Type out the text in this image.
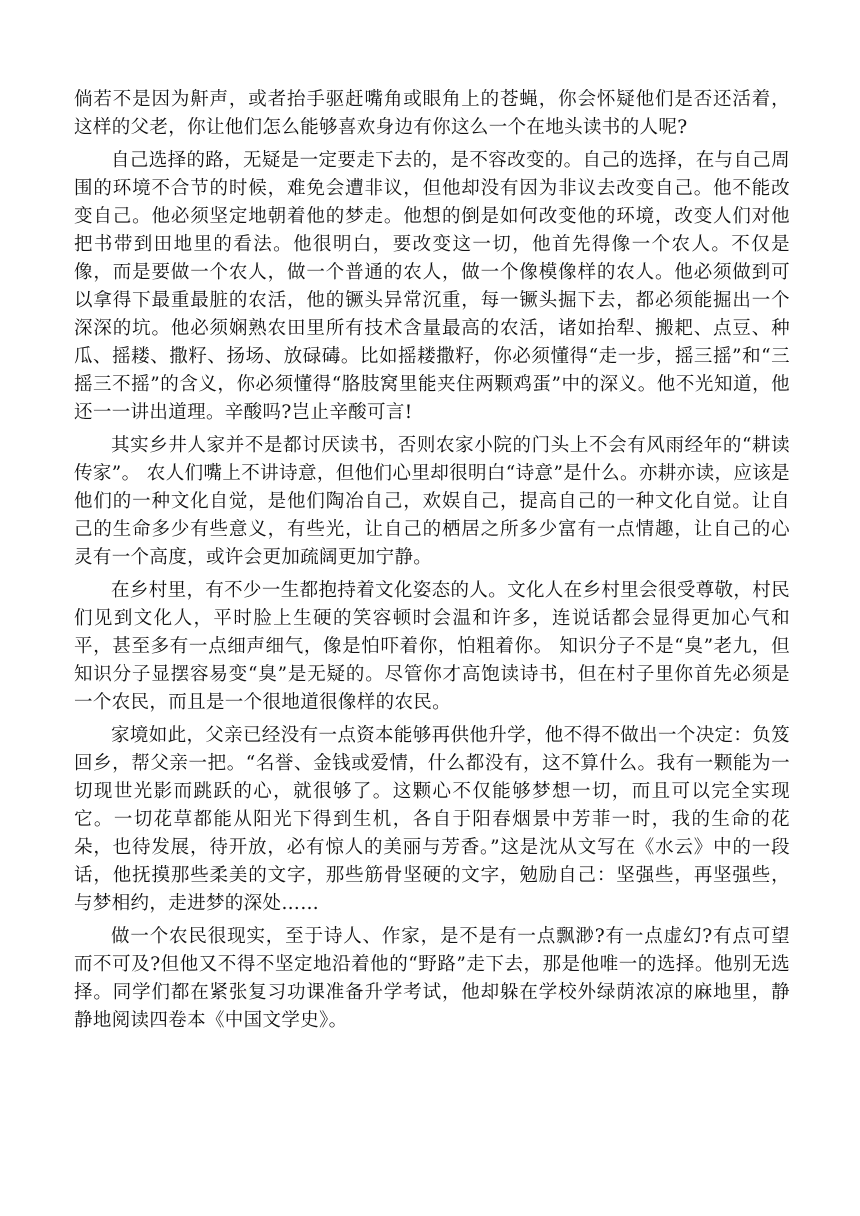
倘若不是因为鼾声，或者抬手驱赶嘴角或眼角上的苍蝇，你会怀疑他们是否还活着，这样的父老，你让他们怎么能够喜欢身边有你这么一个在地头读书的人呢?

自己选择的路，无疑是一定要走下去的，是不容改变的。自己的选择，在与自己周围的环境不合节的时候，难免会遭非议，但他却没有因为非议去改变自己。他不能改变自己。他必须坚定地朝着他的梦走。他想的倒是如何改变他的环境，改变人们对他把书带到田地里的看法。他很明白，要改变这一切，他首先得像一个农人。不仅是像，而是要做一个农人，做一个普通的农人，做一个像模像样的农人。他必须做到可以拿得下最重最脏的农活，他的镢头异常沉重，每一镢头掘下去，都必须能掘出一个深深的坑。他必须娴熟农田里所有技术含量最高的农活，诸如抬犁、搬耙、点豆、种瓜、摇耧、撒籽、扬场、放碌碡。比如摇耧撒籽，你必须懂得“走一步，摇三摇”和“三摇三不摇”的含义，你必须懂得“胳肢窝里能夹住两颗鸡蛋”中的深义。他不光知道，他还一一讲出道理。辛酸吗?岂止辛酸可言!

其实乡井人家并不是都讨厌读书，否则农家小院的门头上不会有风雨经年的“耕读传家”。 农人们嘴上不讲诗意，但他们心里却很明白“诗意”是什么。亦耕亦读，应该是他们的一种文化自觉，是他们陶冶自己，欢娱自己，提高自己的一种文化自觉。让自己的生命多少有些意义，有些光，让自己的栖居之所多少富有一点情趣，让自己的心灵有一个高度，或许会更加疏阔更加宁静。

在乡村里，有不少一生都抱持着文化姿态的人。文化人在乡村里会很受尊敬，村民们见到文化人，平时脸上生硬的笑容顿时会温和许多，连说话都会显得更加心气和平，甚至多有一点细声细气，像是怕吓着你，怕粗着你。 知识分子不是“臭”老九，但知识分子显摆容易变“臭”是无疑的。尽管你才高饱读诗书，但在村子里你首先必须是一个农民，而且是一个很地道很像样的农民。

家境如此，父亲已经没有一点资本能够再供他升学，他不得不做出一个决定：负笈回乡，帮父亲一把。“名誉、金钱或爱情，什么都没有，这不算什么。我有一颗能为一切现世光影而跳跃的心，就很够了。这颗心不仅能够梦想一切，而且可以完全实现它。一切花草都能从阳光下得到生机，各自于阳春烟景中芳菲一时，我的生命的花朵，也待发展，待开放，必有惊人的美丽与芳香。”这是沈从文写在《水云》中的一段话，他抚摸那些柔美的文字，那些筋骨坚硬的文字，勉励自己：坚强些，再坚强些，与梦相约，走进梦的深处……

做一个农民很现实，至于诗人、作家，是不是有一点飘渺?有一点虚幻?有点可望而不可及?但他又不得不坚定地沿着他的“野路”走下去，那是他唯一的选择。他别无选择。同学们都在紧张复习功课准备升学考试，他却躲在学校外绿荫浓凉的麻地里，静静地阅读四卷本《中国文学史》。
